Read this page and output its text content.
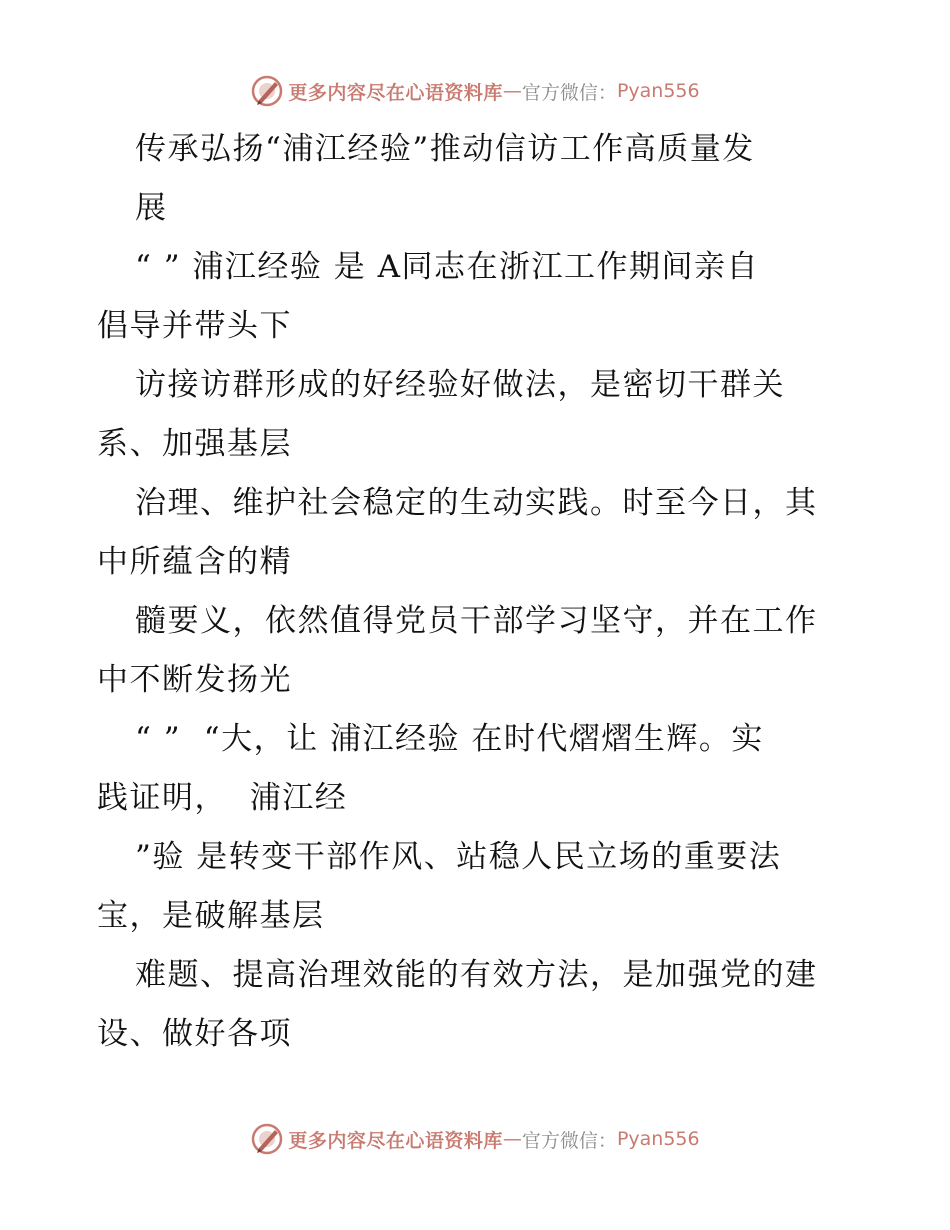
更多内容尽在心语资料库 — 官方微信： Pyan556
传承弘扬“浦江经验”推动信访工作高质量发
展
“ ” 浦江经验 是 A同志在浙江工作期间亲自
倡导并带头下
访接访群形成的好经验好做法，是密切干群关
系、加强基层
治理、维护社会稳定的生动实践。时至今日，其
中所蕴含的精
髓要义，依然值得党员干部学习坚守，并在工作
中不断发扬光
“ ”  “大，让 浦江经验 在时代熠熠生辉。实
践证明，  浦江经
”验 是转变干部作风、站稳人民立场的重要法
宝，是破解基层
难题、提高治理效能的有效方法，是加强党的建
设、做好各项
更多内容尽在心语资料库 — 官方微信： Pyan556
